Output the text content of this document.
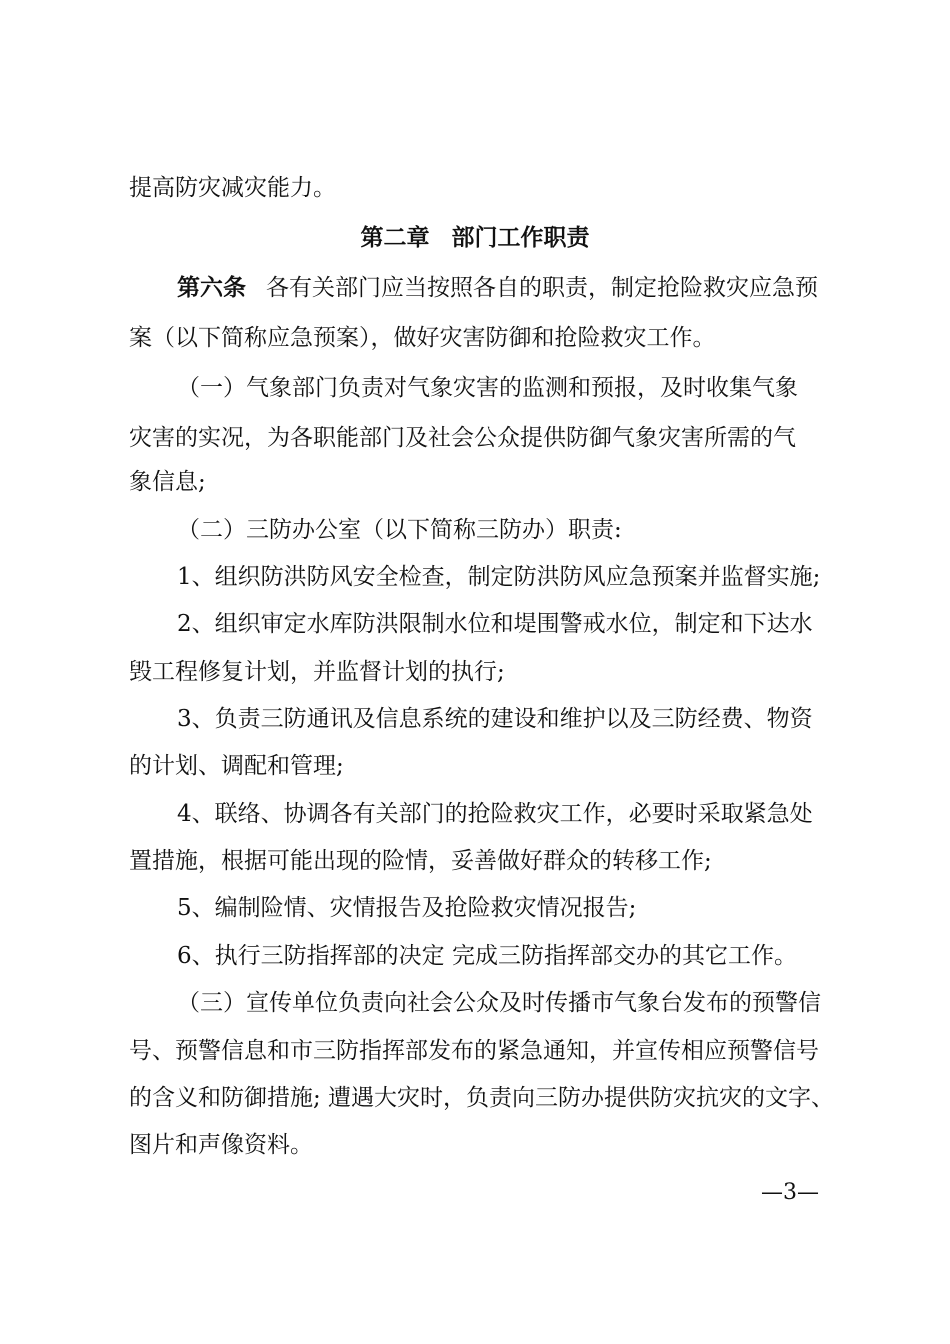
提高防灾减灾能力。
第二章 部门工作职责
第六条 各有关部门应当按照各自的职责，制定抢险救灾应急预
案（以下简称应急预案），做好灾害防御和抢险救灾工作。
（一）气象部门负责对气象灾害的监测和预报，及时收集气象
灾害的实况，为各职能部门及社会公众提供防御气象灾害所需的气
象信息;
（二）三防办公室（以下简称三防办）职责:
1、组织防洪防风安全检查，制定防洪防风应急预案并监督实施;
2、组织审定水库防洪限制水位和堤围警戒水位，制定和下达水
毁工程修复计划，并监督计划的执行;
3、负责三防通讯及信息系统的建设和维护以及三防经费、物资
的计划、调配和管理;
4、联络、协调各有关部门的抢险救灾工作，必要时采取紧急处
置措施，根据可能出现的险情，妥善做好群众的转移工作;
5、编制险情、灾情报告及抢险救灾情况报告;
6、执行三防指挥部的决定 完成三防指挥部交办的其它工作。
（三）宣传单位负责向社会公众及时传播市气象台发布的预警信
号、预警信息和市三防指挥部发布的紧急通知，并宣传相应预警信号
的含义和防御措施; 遭遇大灾时，负责向三防办提供防灾抗灾的文字、
图片和声像资料。
—3—
